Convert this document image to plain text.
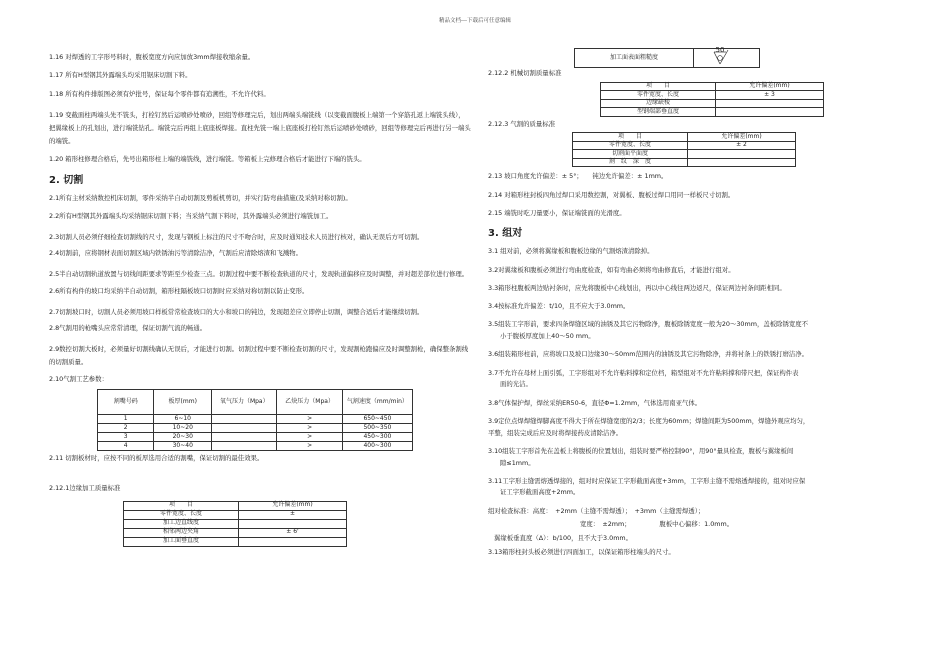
精品文档---下载后可任意编辑

1.16 对焊透的工字形号料时，腹板宽度方向应加放3mm焊接收缩余量。

1.17 所有H型钢其外露端头均采用锯床切割下料。

1.18 所有构件排版图必须有炉批号，保证每个零件都有追溯性，不允许代料。

1.19 变截面柱两端头先不铣头，打栓钉然后运喷砂处喷砂，回组等修理完后，划出两端头端铣线（以变截面腹板上端第一个穿筋孔返上端铣头线），把翼缘板上的孔划出，进行端铣钻孔。端铣完后再组上底座板焊接。直柱先铣一端上底座板打栓钉然后运喷砂处喷砂，回组等修理完后再进行另一端头的端铣。

1.20 箱形柱修理合格后，先号出箱形柱上端的端铣线，进行端铣。等箱板上完修理合格后才能进行下端的铣头。

2. 切割

2.1所有主材采纳数控机床切割，零件采纳半自动切割及剪板机剪切，并实行防弯曲措施(及采纳对称切割)。

2.2所有H型钢其外露端头均采纳锯床切割下料；当采纳气割下料时，其外露端头必须进行端铣加工。

2.3切割人员必须仔细检查切割线的尺寸，发现与钢板上标注的尺寸不吻合时，应及时通知技术人员进行核对，确认无误后方可切割。

2.4切割前，应将钢材表面切割区域内铁锈油污等清除洁净，气割后应清除熔渣和飞溅物。

2.5半自动切割轨道放置与切线间距要求等距至少检查三点。切割过程中要不断检查轨道的尺寸，发现轨道偏移应及时调整，并对超差部位进行修理。

2.6所有构件的坡口均采纳半自动切割，箱形柱隔板坡口切割时应采纳对称切割以防止变形。

2.7切割坡口时，切割人员必须用坡口样板常常检查坡口的大小和坡口的钝边，发现超差应立即停止切割，调整合适后才能继续切割。

2.8气割用的枪嘴头应常常清理，保证切割气流的畅通。

2.9数控切割大板时，必须量好切割线确认无误后，才能进行切割。切割过程中要不断检查切割的尺寸，发现割枪跑偏应及时调整割枪，确保整条割线的切割质量。

2.10气割工艺参数：

割嘴号码	板厚(mm)	氧气压力（Mpa）	乙炔压力（Mpa）	气割速度（mm/min）
1	6~10		>	650~450
2	10~20		>	500~350
3	20~30		>	450~300
4	30~40		>	400~300

2.11 切割板材时，应按不同的板厚选用合适的割嘴，保证切割的最佳效果。

2.12.1边缘加工质量标准

项　　目	允许偏差(mm)
零件宽度、长度	±
加工边直线度	
相邻两边夹角	± 6'
加工面垂直度	
加工面表面粗糙度	
50

2.12.2 机械切割质量标准

项　　目	允许偏差(mm)
零件宽度、长度	± 3
边缘缺棱	
型钢端部垂直度	

2.12.3 气割的质量标准

项　　目	允许偏差(mm)
零件宽度、长度	± 2
切割面平面度	
割　纹　深　度	

2.13 坡口角度允许偏差：± 5°；　　钝边允许偏差：± 1mm。

2.14 对箱形柱封板四角过焊口采用数控割，对翼板、腹板过焊口用同一样板尺寸切割。

2.15 端铣时吃刀量要小，保证端铣面的光滑度。

3. 组对

3.1 组对前，必须将翼缘板和腹板边缘的气割熔渣清除掉。

3.2对翼缘板和腹板必须进行弯曲度检查，如有弯曲必须将弯曲修直后，才能进行组对。

3.3箱形柱腹板两边贴衬条时，应先将腹板中心线划出，再以中心线往两边返尺，保证两边衬条间距相同。

3.4按标准允许偏差：t/10，且不应大于3.0mm。

3.5组装工字形前，要求四条焊缝区域的油锈及其它污物除净，腹板除锈宽度一般为20～30mm，盖板除锈宽度不

小于腹板厚度加上40～50 mm。

3.6组装箱形柱前，应将坡口及坡口边缘30～50mm范围内的油锈及其它污物除净，并将衬条上的铁锈打磨洁净。

3.7不允许在母材上面引弧，工字形组对不允许粘料撑和定位档，箱型组对不允许粘料撑和带尺把，保证构件表

面的光洁。

3.8气体保护焊，焊丝采纳ER50-6，直径Φ=1.2mm，气体选用南亚气体。

3.9定位点焊焊缝焊脚高度不得大于所在焊缝宽度的2/3；长度为60mm；焊缝间距为500mm，焊缝外观应均匀，

平整，组装完成后应及时将焊接药皮清除洁净。

3.10组装工字形首先在盖板上将腹板的位置划出，组装时要严格控制90°，用90°量具检查，腹板与翼缘板间

隙≤1mm。

3.11工字形主缝需熔透焊接的，组对时应保证工字形截面高度+3mm，工字形主缝不需熔透焊接的，组对时应保

证工字形截面高度+2mm。

组对检查标准：高度：　+2mm（主缝不需焊透）；　+3mm（主缝需焊透）；

宽度：　±2mm；　　　　　腹板中心偏移：1.0mm。

翼缘板垂直度（Δ）：b/100，且不大于3.0mm。

3.13箱形柱封头板必须进行四面加工，以保证箱形柱端头的尺寸。
